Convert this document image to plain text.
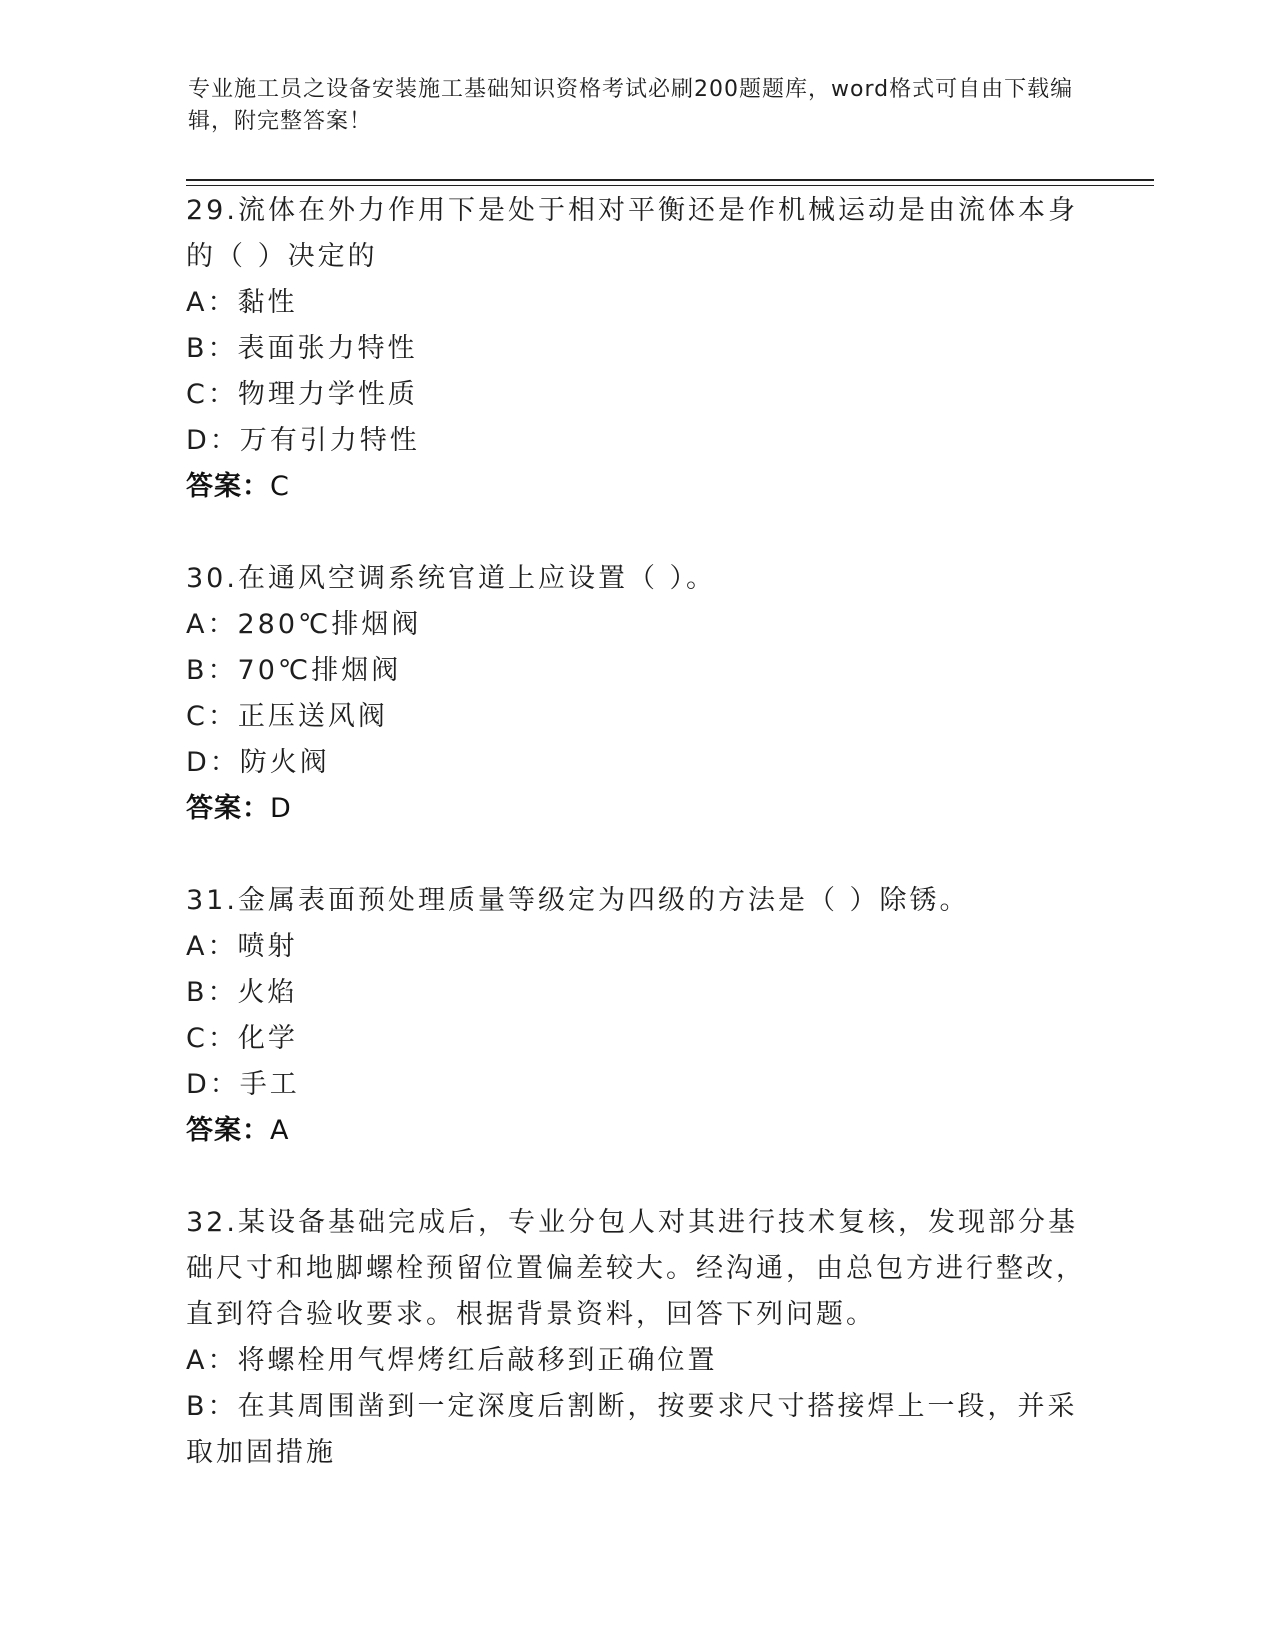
专业施工员之设备安装施工基础知识资格考试必刷200题题库，word格式可自由下载编辑，附完整答案！
29.流体在外力作用下是处于相对平衡还是作机械运动是由流体本身的（ ）决定的
A：黏性
B：表面张力特性
C：物理力学性质
D：万有引力特性
答案：C
30.在通风空调系统官道上应设置（ ）。
A：280℃排烟阀
B：70℃排烟阀
C：正压送风阀
D：防火阀
答案：D
31.金属表面预处理质量等级定为四级的方法是（ ）除锈。
A：喷射
B：火焰
C：化学
D：手工
答案：A
32.某设备基础完成后，专业分包人对其进行技术复核，发现部分基础尺寸和地脚螺栓预留位置偏差较大。经沟通，由总包方进行整改，直到符合验收要求。根据背景资料，回答下列问题。
A：将螺栓用气焊烤红后敲移到正确位置
B：在其周围凿到一定深度后割断，按要求尺寸搭接焊上一段，并采取加固措施
